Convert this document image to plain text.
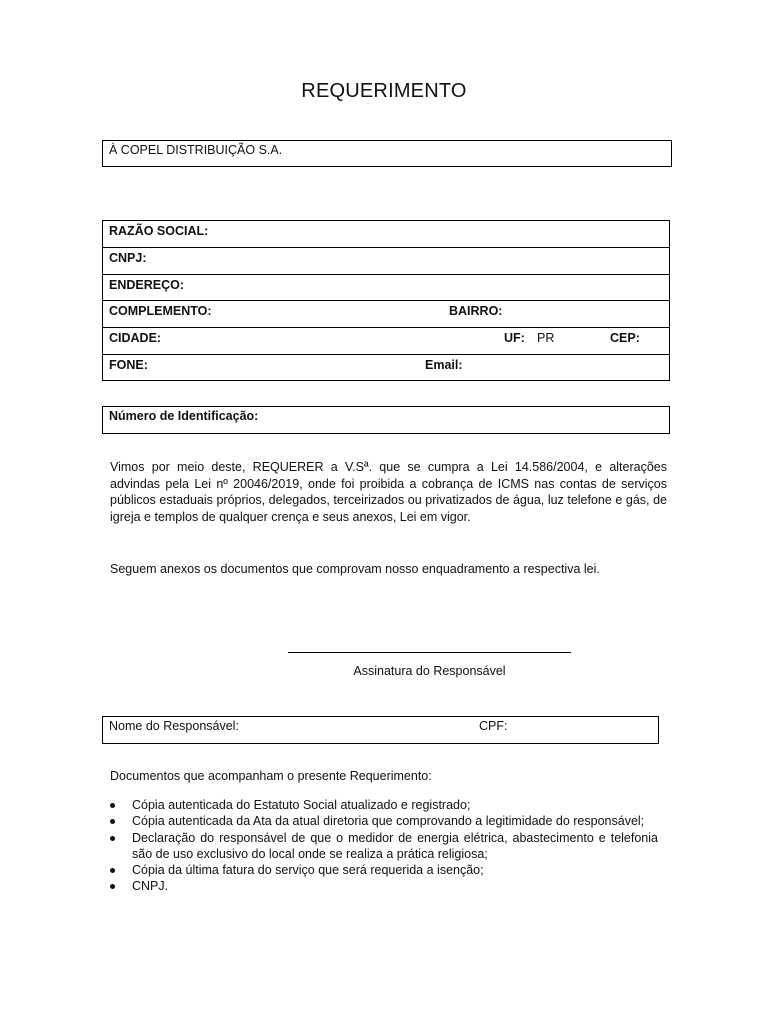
REQUERIMENTO
À COPEL DISTRIBUIÇÃO S.A.
RAZÃO SOCIAL:
CNPJ:
ENDEREÇO:
COMPLEMENTO:	BAIRRO:
CIDADE:	UF: PR	CEP:
FONE:	Email:
Número de Identificação:

Vimos por meio deste, REQUERER a V.Sª. que se cumpra a Lei 14.586/2004, e alterações advindas pela Lei nº 20046/2019, onde foi proibida a cobrança de ICMS nas contas de serviços públicos estaduais próprios, delegados, terceirizados ou privatizados de água, luz telefone e gás, de igreja e templos de qualquer crença e seus anexos, Lei em vigor.

Seguem anexos os documentos que comprovam nosso enquadramento a respectiva lei.

Assinatura do Responsável
Nome do Responsável:	CPF:
Documentos que acompanham o presente Requerimento:
Cópia autenticada do Estatuto Social atualizado e registrado;
Cópia autenticada da Ata da atual diretoria que comprovando a legitimidade do responsável;
Declaração do responsável de que o medidor de energia elétrica, abastecimento e telefonia são de uso exclusivo do local onde se realiza a prática religiosa;
Cópia da última fatura do serviço que será requerida a isenção;
CNPJ.
